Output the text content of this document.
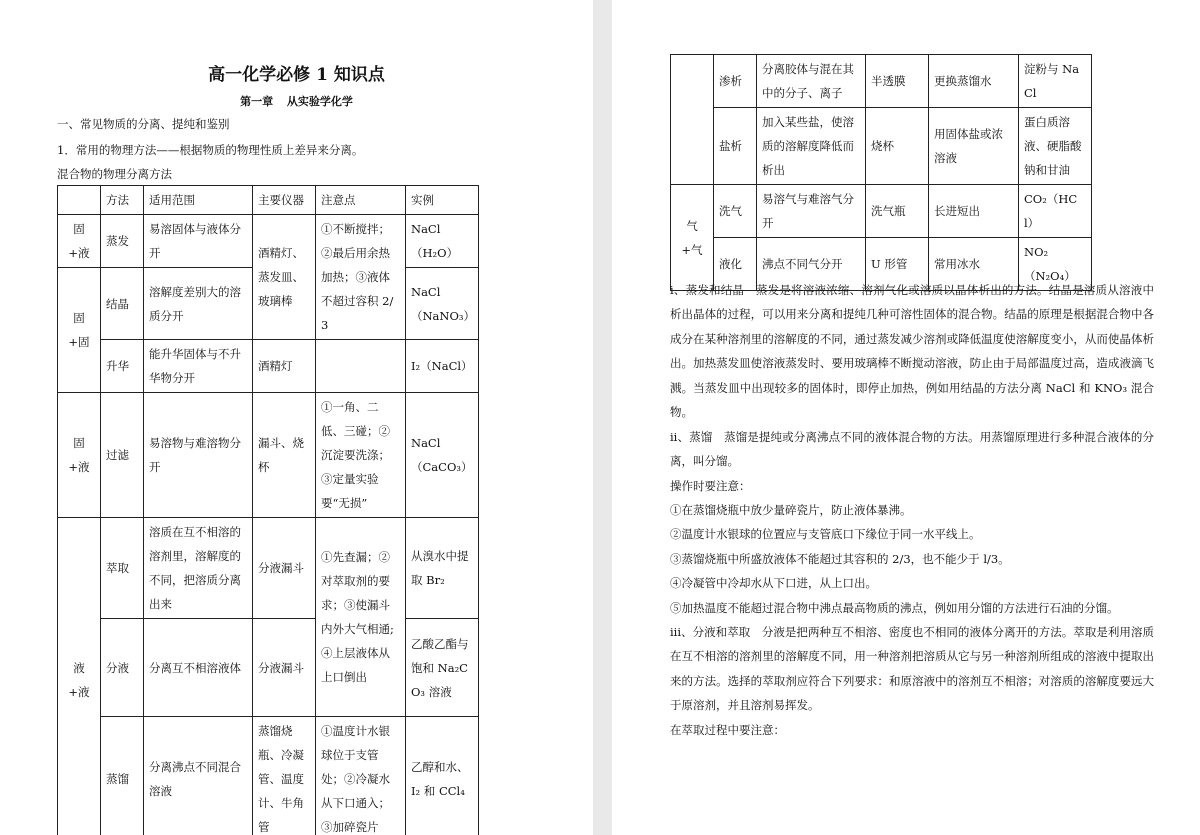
高一化学必修 1 知识点
第一章 从实验学化学
一、常见物质的分离、提纯和鉴别
1．常用的物理方法——根据物质的物理性质上差异来分离。
混合物的物理分离方法
	方法	适用范围	主要仪器	注意点	实例
固+液	蒸发	易溶固体与液体分开	酒精灯、蒸发皿、玻璃棒	①不断搅拌；②最后用余热加热；③液体不超过容积 2/3	NaCl
（H₂O）

固+固	结晶	溶解度差别大的溶质分开			NaCl
（NaNO₃）

	升华	能升华固体与不升华物分开	酒精灯		I₂（NaCl）
固+液	过滤	易溶物与难溶物分开	漏斗、烧杯	①一角、二低、三碰；②沉淀要洗涤；③定量实验要“无损”	NaCl
（CaCO₃）

液+液	萃取	溶质在互不相溶的溶剂里，溶解度的不同，把溶质分离出来	分液漏斗	①先查漏；②对萃取剂的要求；③使漏斗内外大气相通;④上层液体从上口倒出	从溴水中提取 Br₂
	分液	分离互不相溶液体	分液漏斗		乙酸乙酯与饱和 Na₂CO₃ 溶液
	蒸馏	分离沸点不同混合溶液	蒸馏烧瓶、冷凝管、温度计、牛角管	①温度计水银球位于支管处；②冷凝水从下口通入；③加碎瓷片	乙醇和水、I₂ 和 CCl₄
	渗析	分离胶体与混在其中的分子、离子	半透膜	更换蒸馏水	淀粉与 NaCl
	盐析	加入某些盐，使溶质的溶解度降低而析出	烧杯	用固体盐或浓溶液	蛋白质溶液、硬脂酸钠和甘油
气+气	洗气	易溶气与难溶气分开	洗气瓶	长进短出	CO₂（HCl）
	液化	沸点不同气分开	U 形管	常用冰水	NO₂
（N₂O₄）
i、蒸发和结晶　蒸发是将溶液浓缩、溶剂气化或溶质以晶体析出的方法。结晶是溶质从溶液中析出晶体的过程，可以用来分离和提纯几种可溶性固体的混合物。结晶的原理是根据混合物中各成分在某种溶剂里的溶解度的不同，通过蒸发减少溶剂或降低温度使溶解度变小，从而使晶体析出。加热蒸发皿使溶液蒸发时、要用玻璃棒不断搅动溶液，防止由于局部温度过高，造成液滴飞溅。当蒸发皿中出现较多的固体时，即停止加热，例如用结晶的方法分离 NaCl 和 KNO₃ 混合物。
ii、蒸馏　蒸馏是提纯或分离沸点不同的液体混合物的方法。用蒸馏原理进行多种混合液体的分离，叫分馏。
操作时要注意：
①在蒸馏烧瓶中放少量碎瓷片，防止液体暴沸。
②温度计水银球的位置应与支管底口下缘位于同一水平线上。
③蒸馏烧瓶中所盛放液体不能超过其容积的 2/3，也不能少于 l/3。
④冷凝管中冷却水从下口进，从上口出。
⑤加热温度不能超过混合物中沸点最高物质的沸点，例如用分馏的方法进行石油的分馏。
iii、分液和萃取　分液是把两种互不相溶、密度也不相同的液体分离开的方法。萃取是利用溶质在互不相溶的溶剂里的溶解度不同，用一种溶剂把溶质从它与另一种溶剂所组成的溶液中提取出来的方法。选择的萃取剂应符合下列要求：和原溶液中的溶剂互不相溶；对溶质的溶解度要远大于原溶剂，并且溶剂易挥发。
在萃取过程中要注意：
